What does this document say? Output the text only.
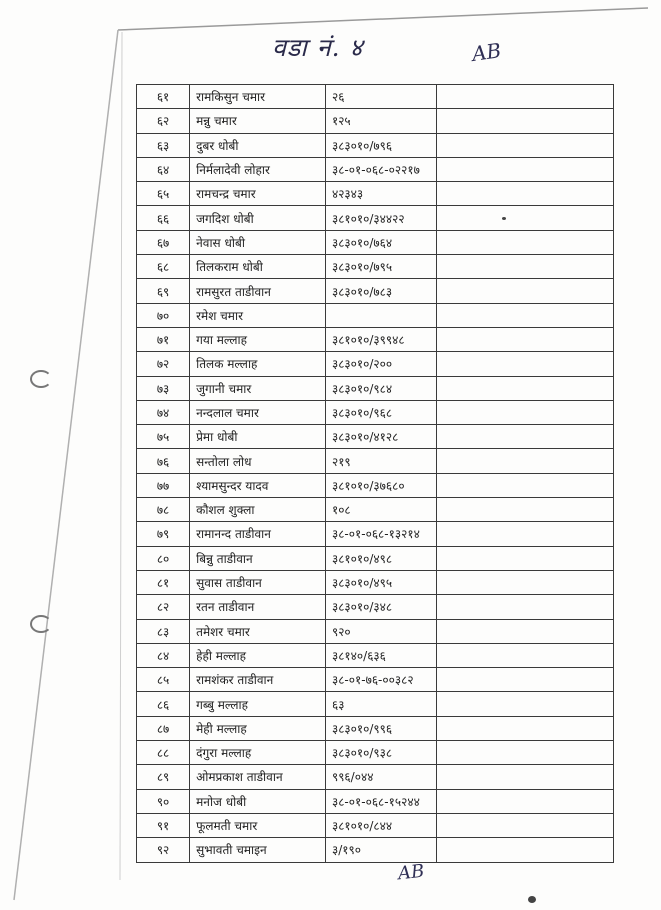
वडा नं. ४	AB
६१	रामकिसुन चमार	२६	
६२	मन्नु चमार	१२५	
६३	दुबर धोबी	३८३०१०/७९६	
६४	निर्मलादेवी लोहार	३८-०१-०६८-०२२१७	
६५	रामचन्द्र चमार	४२३४३	
६६	जगदिश धोबी	३८१०१०/३४४२२	
६७	नेवास धोबी	३८३०१०/७६४	
६८	तिलकराम धोबी	३८३०१०/७९५	
६९	रामसुरत ताडीवान	३८३०१०/७८३	
७०	रमेश चमार		
७१	गया मल्लाह	३८१०१०/३९९४८	
७२	तिलक मल्लाह	३८३०१०/२००	
७३	जुगानी चमार	३८३०१०/९८४	
७४	नन्दलाल चमार	३८३०१०/९६८	
७५	प्रेमा धोबी	३८३०१०/४१२८	
७६	सन्तोला लोध	२१९	
७७	श्यामसुन्दर यादव	३८१०१०/३७६८०	
७८	कौशल शुक्ला	१०८	
७९	रामानन्द ताडीवान	३८-०१-०६८-१३२१४	
८०	बिन्नु ताडीवान	३८१०१०/४९८	
८१	सुवास ताडीवान	३८३०१०/४९५	
८२	रतन ताडीवान	३८३०१०/३४८	
८३	तमेशर चमार	९२०	
८४	हेही मल्लाह	३८१४०/६३६	
८५	रामशंकर ताडीवान	३८-०१-७६-००३८२	
८६	गब्बु मल्लाह	६३	
८७	मेही मल्लाह	३८३०१०/९९६	
८८	दंगुरा मल्लाह	३८३०१०/९३८	
८९	ओमप्रकाश ताडीवान	९९६/०४४	
९०	मनोज धोबी	३८-०१-०६८-१५२४४	
९१	फूलमती चमार	३८१०१०/८४४	
९२	सुभावती चमाइन	३/१९०	
AB
